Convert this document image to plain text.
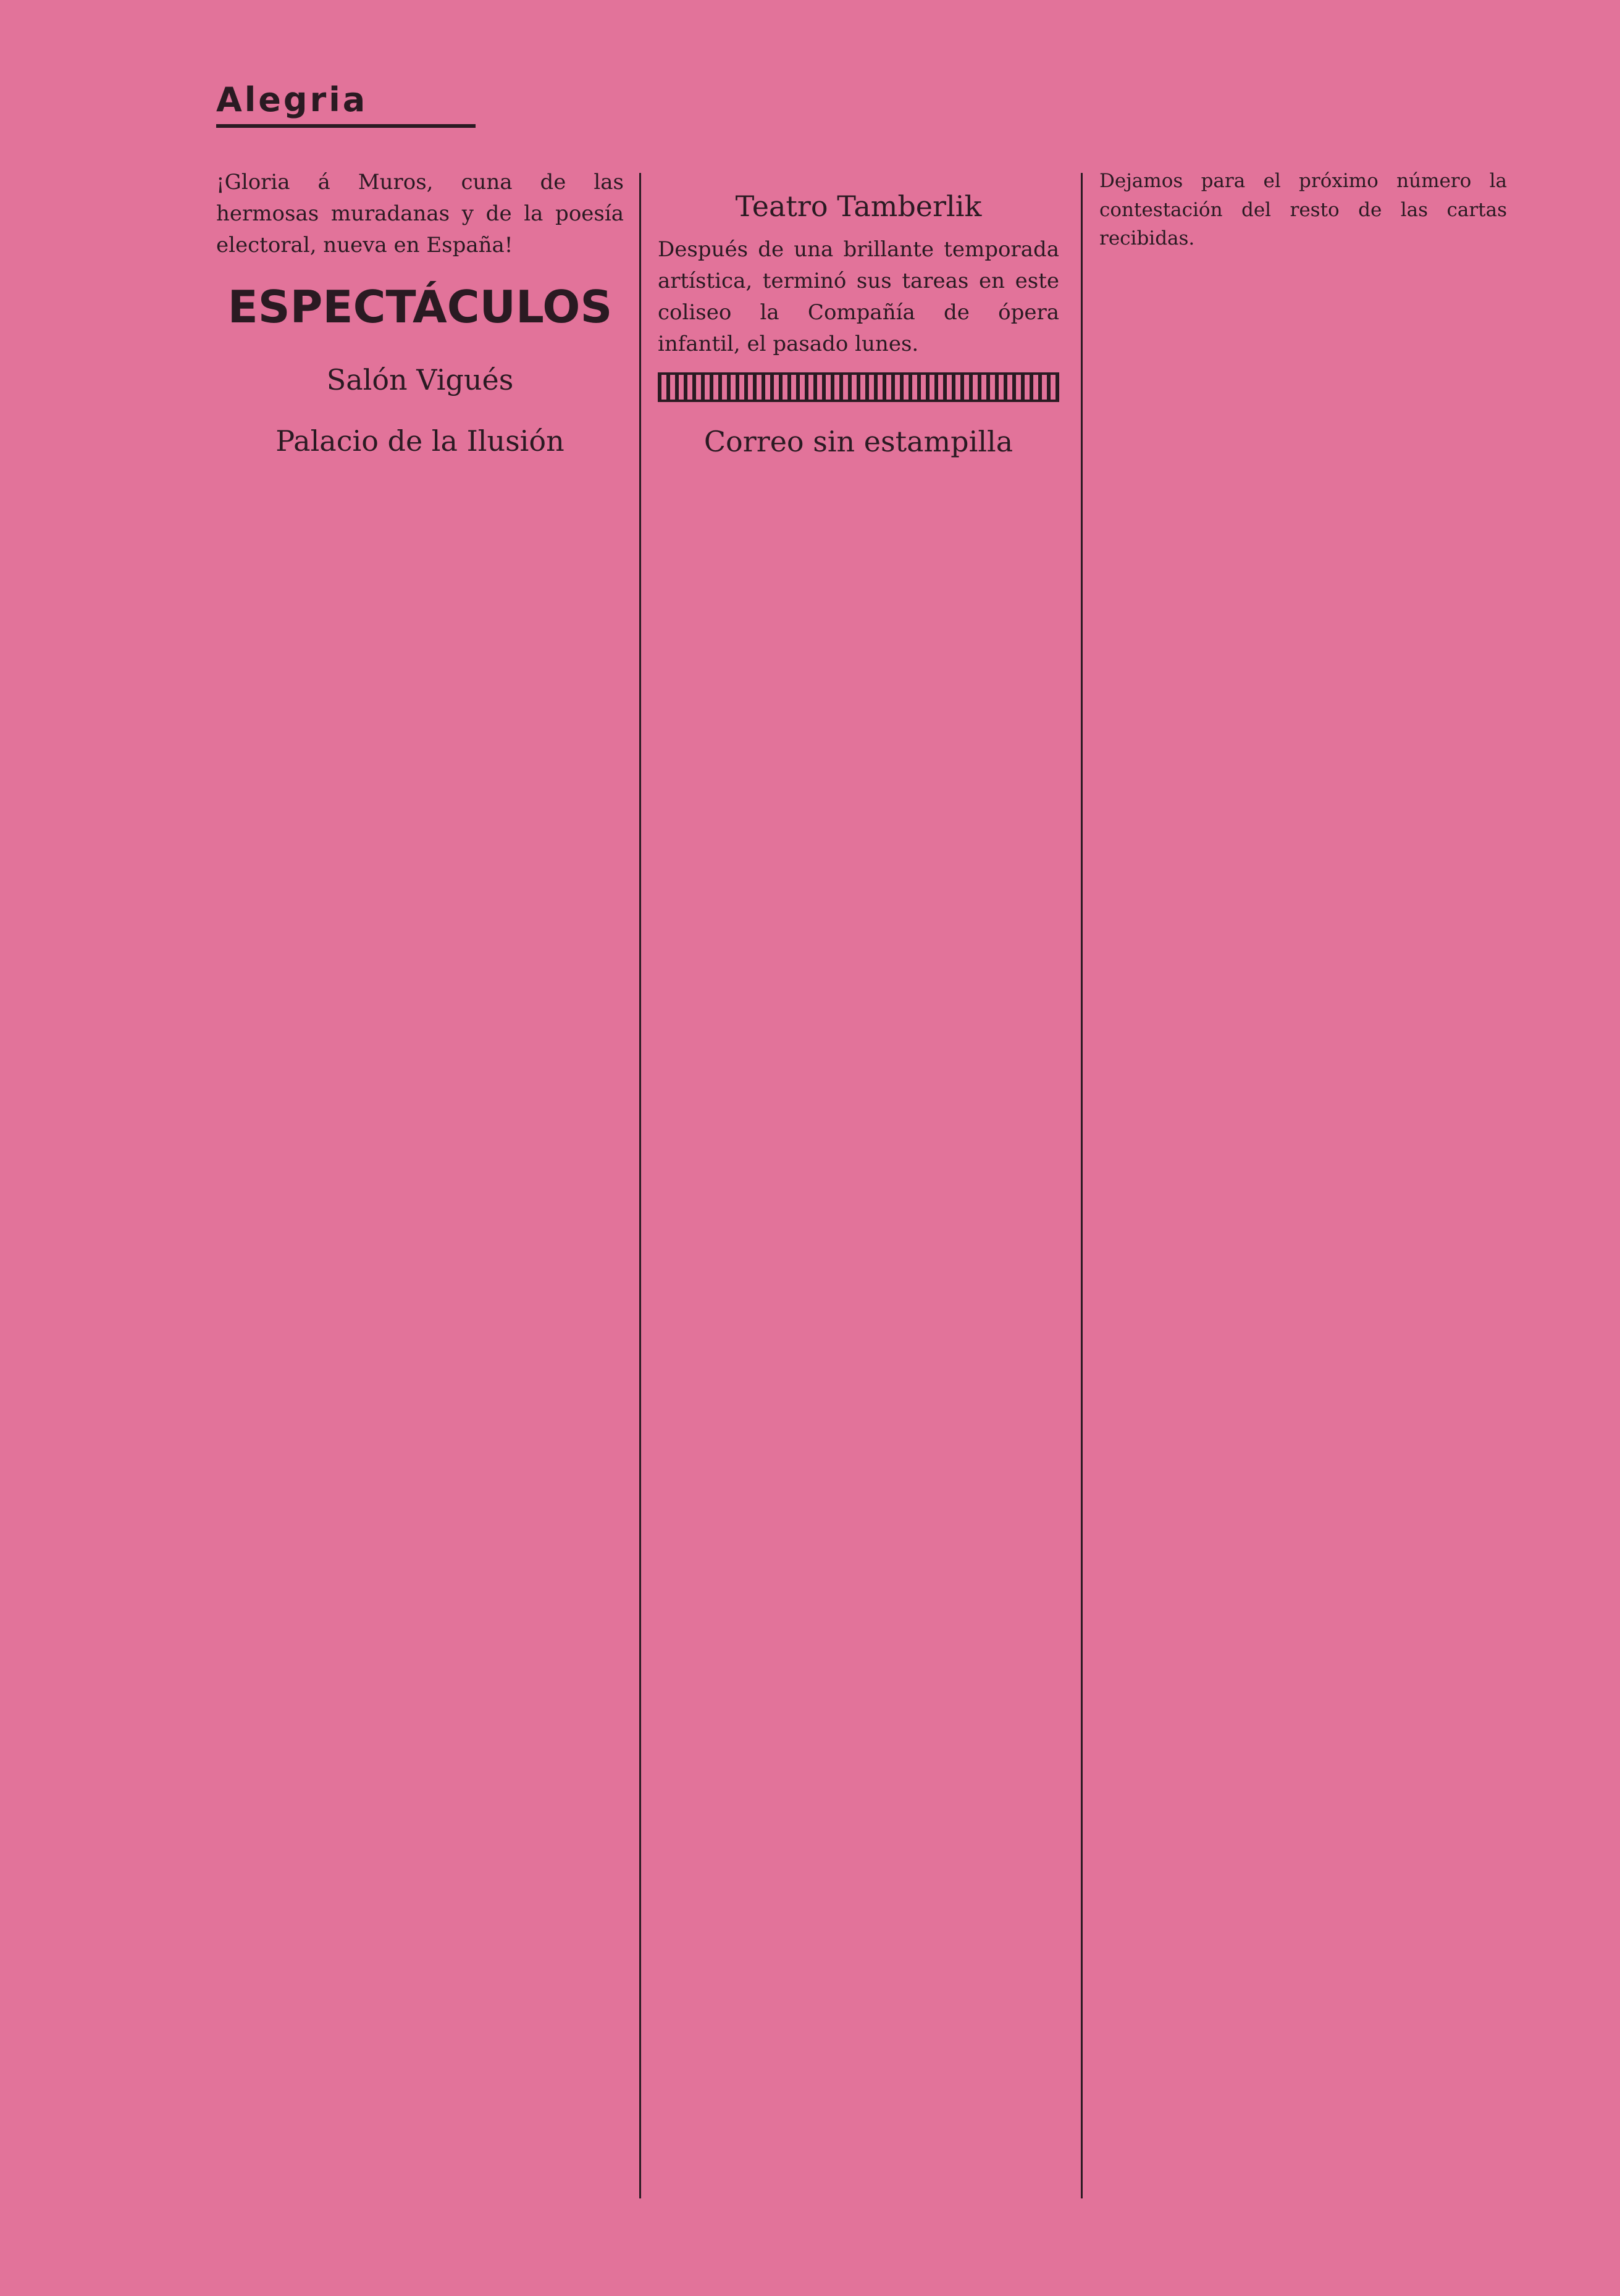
Alegria

¡Gloria á Muros, cuna de las hermosas muradanas y de la poesía electoral, nueva en España!

ESPECTÁCULOS
Salón Vigués
Palacio de la Ilusión
Teatro Tamberlik

Después de una brillante temporada artística, terminó sus tareas en este coliseo la Compañía de ópera infantil, el pasado lunes.

Correo sin estampilla

Dejamos para el próximo número la contestación del resto de las cartas recibidas.
